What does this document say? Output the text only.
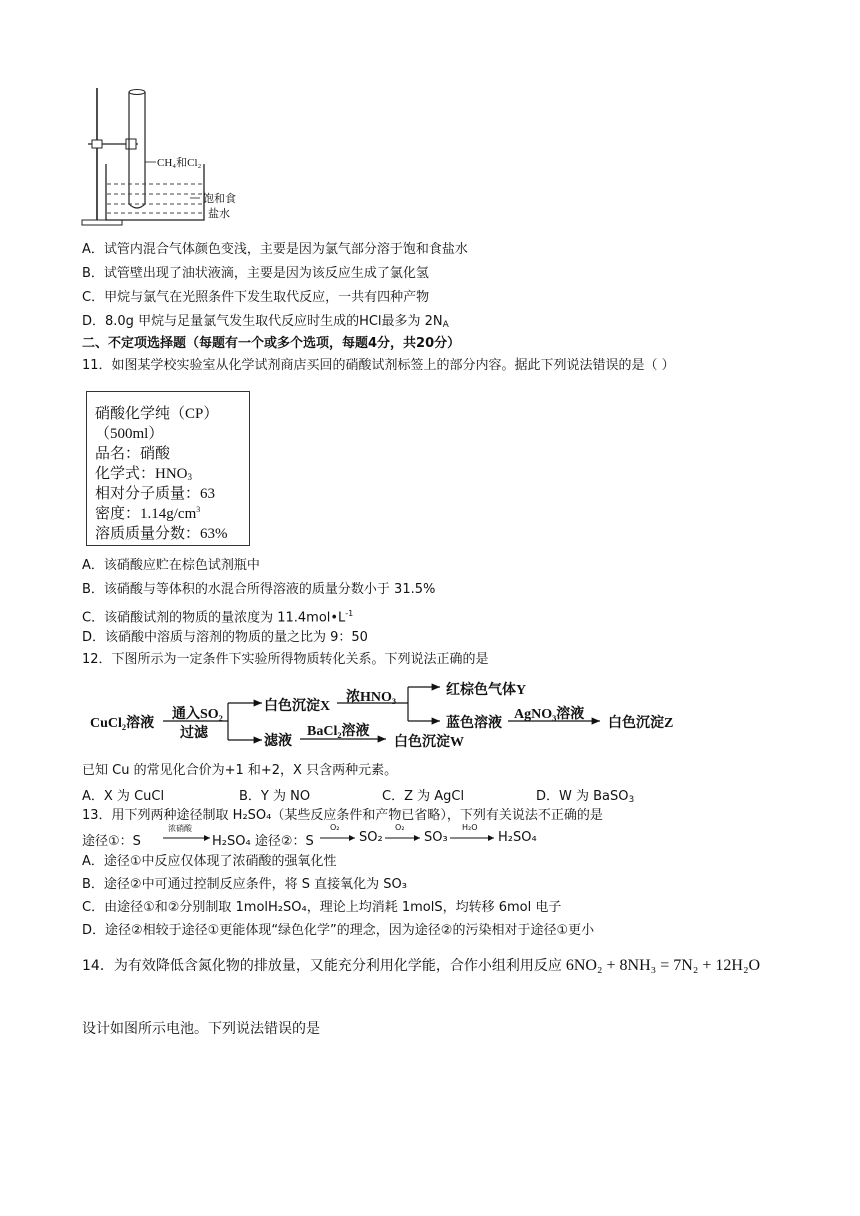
CH₄和Cl₂
饱和食
盐水
A．试管内混合气体颜色变浅，主要是因为氯气部分溶于饱和食盐水
B．试管壁出现了油状液滴，主要是因为该反应生成了氯化氢
C．甲烷与氯气在光照条件下发生取代反应，一共有四种产物
D．8.0g 甲烷与足量氯气发生取代反应时生成的HCl最多为 $2N_A$
二、不定项选择题（每题有一个或多个选项，每题4分，共20分）
11．如图某学校实验室从化学试剂商店买回的硝酸试剂标签上的部分内容。据此下列说法错误的是（ ）
硝酸化学纯（CP）
（500ml）
品名：硝酸
化学式：$HNO_3$
相对分子质量：63
密度：$1.14g/cm^3$
溶质质量分数：63%
A．该硝酸应贮在棕色试剂瓶中
B．该硝酸与等体积的水混合所得溶液的质量分数小于 31.5%
C．该硝酸试剂的物质的量浓度为 $11.4mol•L^{-1}$
D．该硝酸中溶质与溶剂的物质的量之比为 9：50
12．下图所示为一定条件下实验所得物质转化关系。下列说法正确的是
CuCl₂溶液
通入SO₂
过滤
白色沉淀X
浓HNO₃	红棕色气体Y
蓝色溶液
AgNO₃溶液
白色沉淀Z
滤液
BaCl₂溶液
白色沉淀W
已知 Cu 的常见化合价为+1 和+2，X 只含两种元素。
A．X 为 CuCl	B．Y 为 NO	C．Z 为 AgCl	D．W 为 BaSO$_3$
13．用下列两种途径制取 H₂SO₄（某些反应条件和产物已省略），下列有关说法不正确的是
途径①：S
浓硝酸
H₂SO₄ 途径②：S
O₂
SO₂
O₂
SO₃
H₂O
H₂SO₄
A．途径①中反应仅体现了浓硝酸的强氧化性
B．途径②中可通过控制反应条件，将 S 直接氧化为 SO₃
C．由途径①和②分别制取 1molH₂SO₄，理论上均消耗 1molS，均转移 6mol 电子
D．途径②相较于途径①更能体现“绿色化学”的理念，因为途径②的污染相对于途径①更小
14．为有效降低含氮化物的排放量，又能充分利用化学能，合作小组利用反应 6NO₂ + 8NH₃ = 7N₂ + 12H₂O
设计如图所示电池。下列说法错误的是
